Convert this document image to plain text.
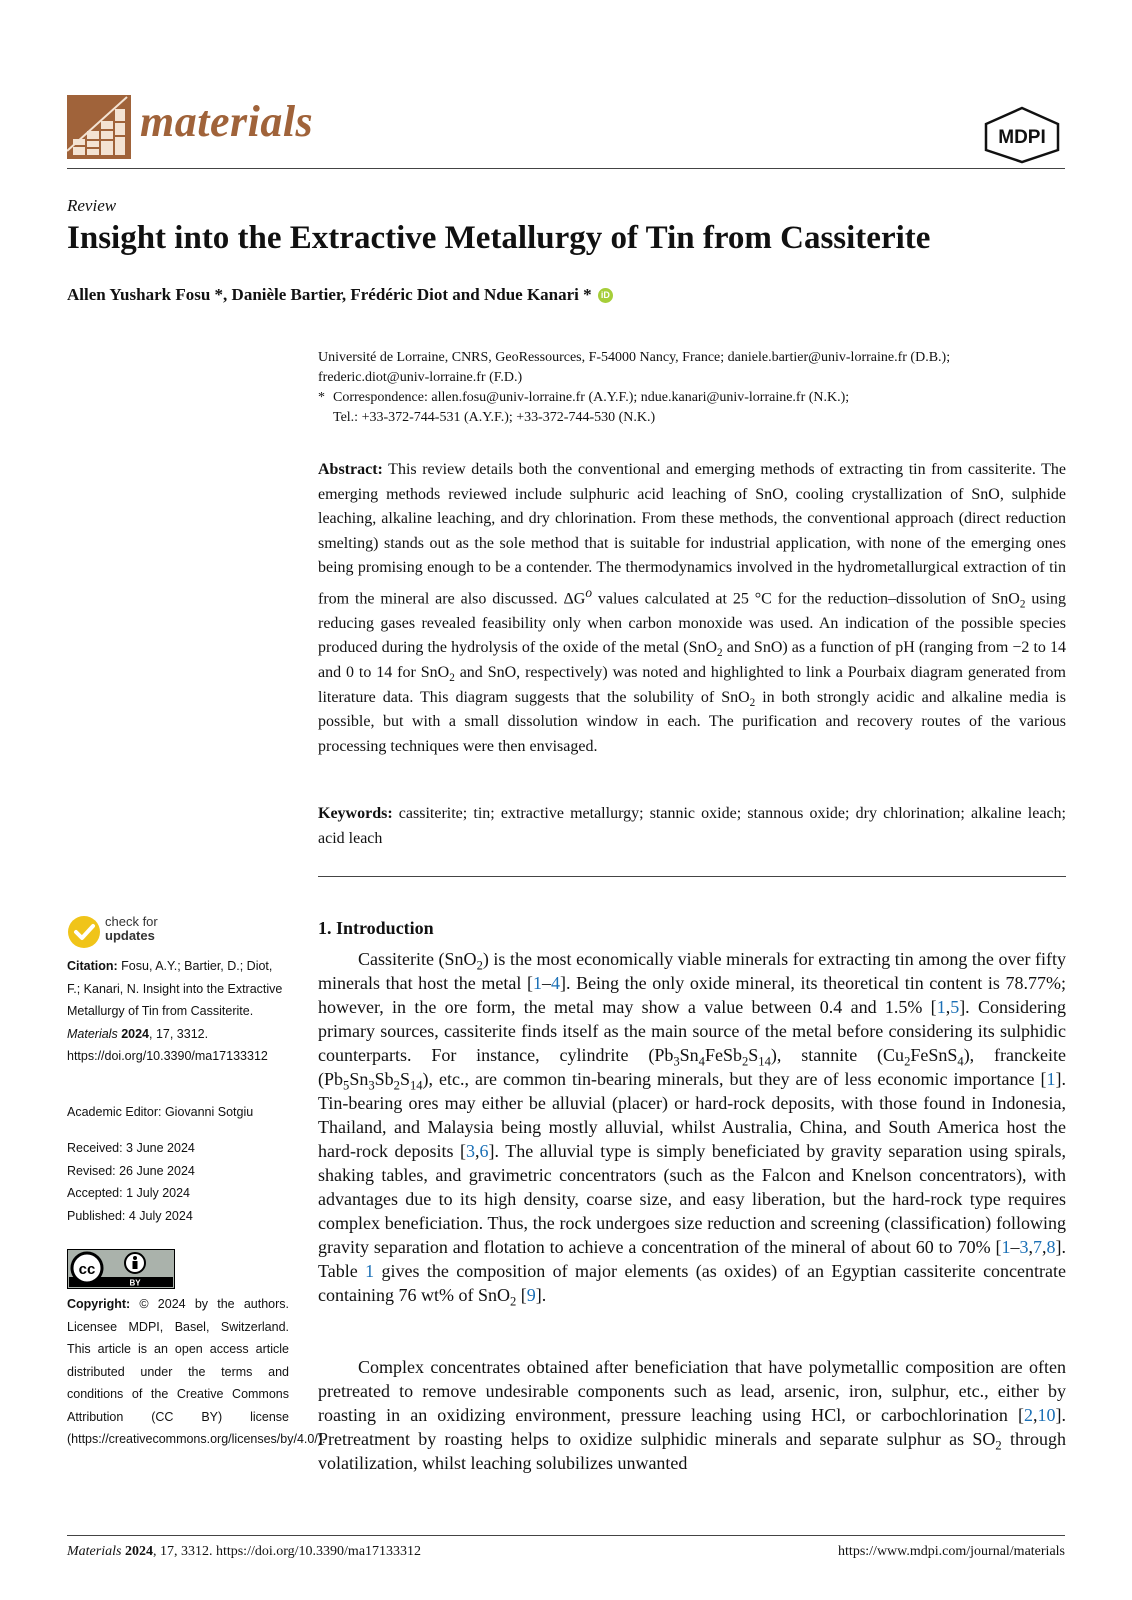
materials	MDPI
Review
Insight into the Extractive Metallurgy of Tin from Cassiterite
Allen Yushark Fosu *, Danièle Bartier, Frédéric Diot and Ndue Kanari * iD
Université de Lorraine, CNRS, GeoRessources, F-54000 Nancy, France; daniele.bartier@univ-lorraine.fr (D.B.);
frederic.diot@univ-lorraine.fr (F.D.)
* Correspondence: allen.fosu@univ-lorraine.fr (A.Y.F.); ndue.kanari@univ-lorraine.fr (N.K.);
Tel.: +33-372-744-531 (A.Y.F.); +33-372-744-530 (N.K.)
Abstract: This review details both the conventional and emerging methods of extracting tin from cassiterite. The emerging methods reviewed include sulphuric acid leaching of SnO, cooling crystallization of SnO, sulphide leaching, alkaline leaching, and dry chlorination. From these methods, the conventional approach (direct reduction smelting) stands out as the sole method that is suitable for industrial application, with none of the emerging ones being promising enough to be a contender. The thermodynamics involved in the hydrometallurgical extraction of tin from the mineral are also discussed. $\Delta G^o$ values calculated at 25 °C for the reduction–dissolution of SnO$_2$ using reducing gases revealed feasibility only when carbon monoxide was used. An indication of the possible species produced during the hydrolysis of the oxide of the metal (SnO$_2$ and SnO) as a function of pH (ranging from −2 to 14 and 0 to 14 for SnO$_2$ and SnO, respectively) was noted and highlighted to link a Pourbaix diagram generated from literature data. This diagram suggests that the solubility of SnO$_2$ in both strongly acidic and alkaline media is possible, but with a small dissolution window in each. The purification and recovery routes of the various processing techniques were then envisaged.
Keywords: cassiterite; tin; extractive metallurgy; stannic oxide; stannous oxide; dry chlorination; alkaline leach; acid leach
check for
updates
Citation: Fosu, A.Y.; Bartier, D.; Diot, F.; Kanari, N. Insight into the Extractive Metallurgy of Tin from Cassiterite. Materials 2024, 17, 3312. https://doi.org/10.3390/ma17133312
Academic Editor: Giovanni Sotgiu
Received: 3 June 2024
Revised: 26 June 2024
Accepted: 1 July 2024
Published: 4 July 2024
cc
BY
Copyright: © 2024 by the authors. Licensee MDPI, Basel, Switzerland. This article is an open access article distributed under the terms and conditions of the Creative Commons Attribution (CC BY) license (https://creativecommons.org/licenses/by/4.0/).
1. Introduction
Cassiterite (SnO$_2$) is the most economically viable minerals for extracting tin among the over fifty minerals that host the metal [1–4]. Being the only oxide mineral, its theoretical tin content is 78.77%; however, in the ore form, the metal may show a value between 0.4 and 1.5% [1,5]. Considering primary sources, cassiterite finds itself as the main source of the metal before considering its sulphidic counterparts. For instance, cylindrite $(Pb_3Sn_4FeSb_2S_{14})$, stannite $(Cu_2FeSnS_4)$, franckeite $(Pb_5Sn_3Sb_2S_{14})$, etc., are common tin-bearing minerals, but they are of less economic importance [1]. Tin-bearing ores may either be alluvial (placer) or hard-rock deposits, with those found in Indonesia, Thailand, and Malaysia being mostly alluvial, whilst Australia, China, and South America host the hard-rock deposits [3,6]. The alluvial type is simply beneficiated by gravity separation using spirals, shaking tables, and gravimetric concentrators (such as the Falcon and Knelson concentrators), with advantages due to its high density, coarse size, and easy liberation, but the hard-rock type requires complex beneficiation. Thus, the rock undergoes size reduction and screening (classification) following gravity separation and flotation to achieve a concentration of the mineral of about 60 to 70% [1–3,7,8]. Table 1 gives the composition of major elements (as oxides) of an Egyptian cassiterite concentrate containing 76 wt% of SnO$_2$ [9].
Complex concentrates obtained after beneficiation that have polymetallic composition are often pretreated to remove undesirable components such as lead, arsenic, iron, sulphur, etc., either by roasting in an oxidizing environment, pressure leaching using HCl, or carbochlorination [2,10]. Pretreatment by roasting helps to oxidize sulphidic minerals and separate sulphur as $SO_2$ through volatilization, whilst leaching solubilizes unwanted
Materials 2024, 17, 3312. https://doi.org/10.3390/ma17133312	https://www.mdpi.com/journal/materials
